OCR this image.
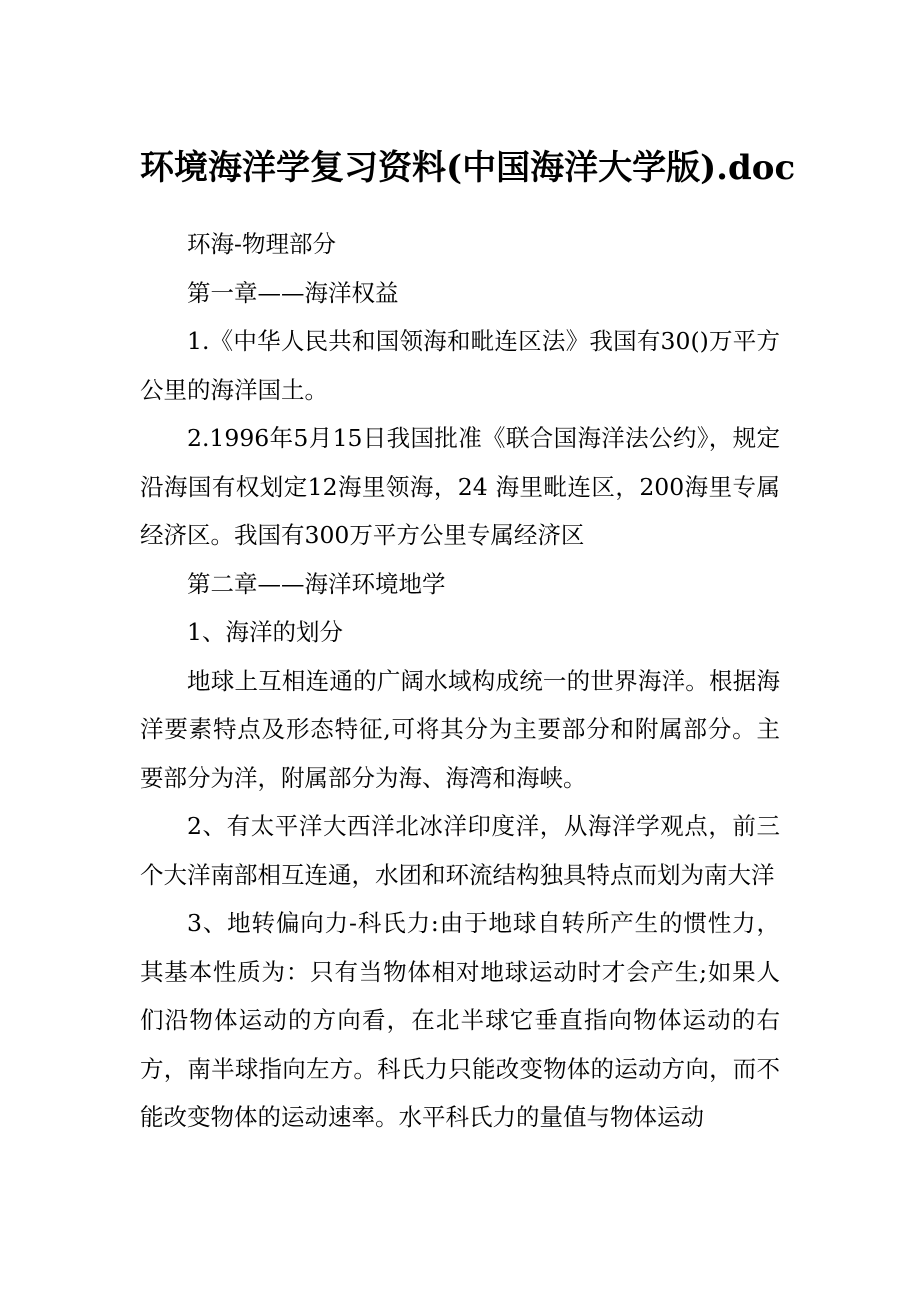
环境海洋学复习资料(中国海洋大学版).doc

环海-物理部分

第一章——海洋权益

1.《中华人民共和国领海和毗连区法》我国有30()万平方公里的海洋国土。

2.1996年5月15日我国批准《联合国海洋法公约》，规定沿海国有权划定12海里领海，24 海里毗连区，200海里专属经济区。我国有300万平方公里专属经济区

第二章——海洋环境地学

1、海洋的划分

地球上互相连通的广阔水域构成统一的世界海洋。根据海洋要素特点及形态特征,可将其分为主要部分和附属部分。主要部分为洋，附属部分为海、海湾和海峡。

2、有太平洋大西洋北冰洋印度洋，从海洋学观点，前三个大洋南部相互连通，水团和环流结构独具特点而划为南大洋

3、地转偏向力-科氏力:由于地球自转所产生的惯性力，其基本性质为：只有当物体相对地球运动时才会产生;如果人们沿物体运动的方向看，在北半球它垂直指向物体运动的右方，南半球指向左方。科氏力只能改变物体的运动方向，而不能改变物体的运动速率。水平科氏力的量值与物体运动
